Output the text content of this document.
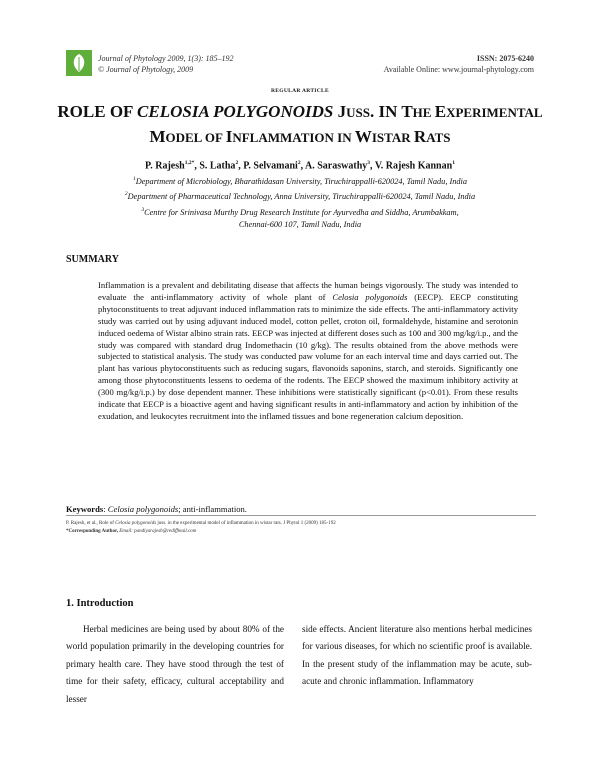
Journal of Phytology 2009, 1(3): 185–192
© Journal of Phytology, 2009
ISSN: 2075-6240
Available Online: www.journal-phytology.com
REGULAR ARTICLE
ROLE OF CELOSIA POLYGONOIDS JUSS. IN THE EXPERIMENTAL
MODEL OF INFLAMMATION IN WISTAR RATS
P. Rajesh$^{1,2*}$, S. Latha$^2$, P. Selvamani$^2$, A. Saraswathy$^3$, V. Rajesh Kannan$^1$
$^1$Department of Microbiology, Bharathidasan University, Tiruchirappalli-620024, Tamil Nadu, India
$^2$Department of Pharmaceutical Technology, Anna University, Tiruchirappalli-620024, Tamil Nadu, India
$^3$Centre for Srinivasa Murthy Drug Research Institute for Ayurvedha and Siddha, Arumbakkam,
Chennai-600 107, Tamil Nadu, India
SUMMARY
Inflammation is a prevalent and debilitating disease that affects the human beings vigorously. The study was intended to evaluate the anti-inflammatory activity of whole plant of Celosia polygonoids (EECP). EECP constituting phytoconstituents to treat adjuvant induced inflammation rats to minimize the side effects. The anti-inflammatory activity study was carried out by using adjuvant induced model, cotton pellet, croton oil, formaldehyde, histamine and serotonin induced oedema of Wistar albino strain rats. EECP was injected at different doses such as 100 and 300 mg/kg/i.p., and the study was compared with standard drug Indomethacin (10 g/kg). The results obtained from the above methods were subjected to statistical analysis. The study was conducted paw volume for an each interval time and days carried out. The plant has various phytoconstituents such as reducing sugars, flavonoids saponins, starch, and steroids. Significantly one among those phytoconstituents lessens to oedema of the rodents. The EECP showed the maximum inhibitory activity at (300 mg/kg/i.p.) by dose dependent manner. These inhibitions were statistically significant (p<0.01). From these results indicate that EECP is a bioactive agent and having significant results in anti-inflammatory and action by inhibition of the exudation, and leukocytes recruitment into the inflamed tissues and bone regeneration calcium deposition.
Keywords: Celosia polygonoids; anti-inflammation.
P. Rajesh, et al., Role of Celosia polygonoids juss. in the experimental model of inflammation in wistar rats. J Phytol 1 (2009) 185-192
*Corresponding Author, Email: pandiyarajesh@rediffmail.com
1. Introduction
Herbal medicines are being used by about 80% of the world population primarily in the developing countries for primary health care. They have stood through the test of time for their safety, efficacy, cultural acceptability and lesser
side effects. Ancient literature also mentions herbal medicines for various diseases, for which no scientific proof is available. In the present study of the inflammation may be acute, sub-acute and chronic inflammation. Inflammatory
